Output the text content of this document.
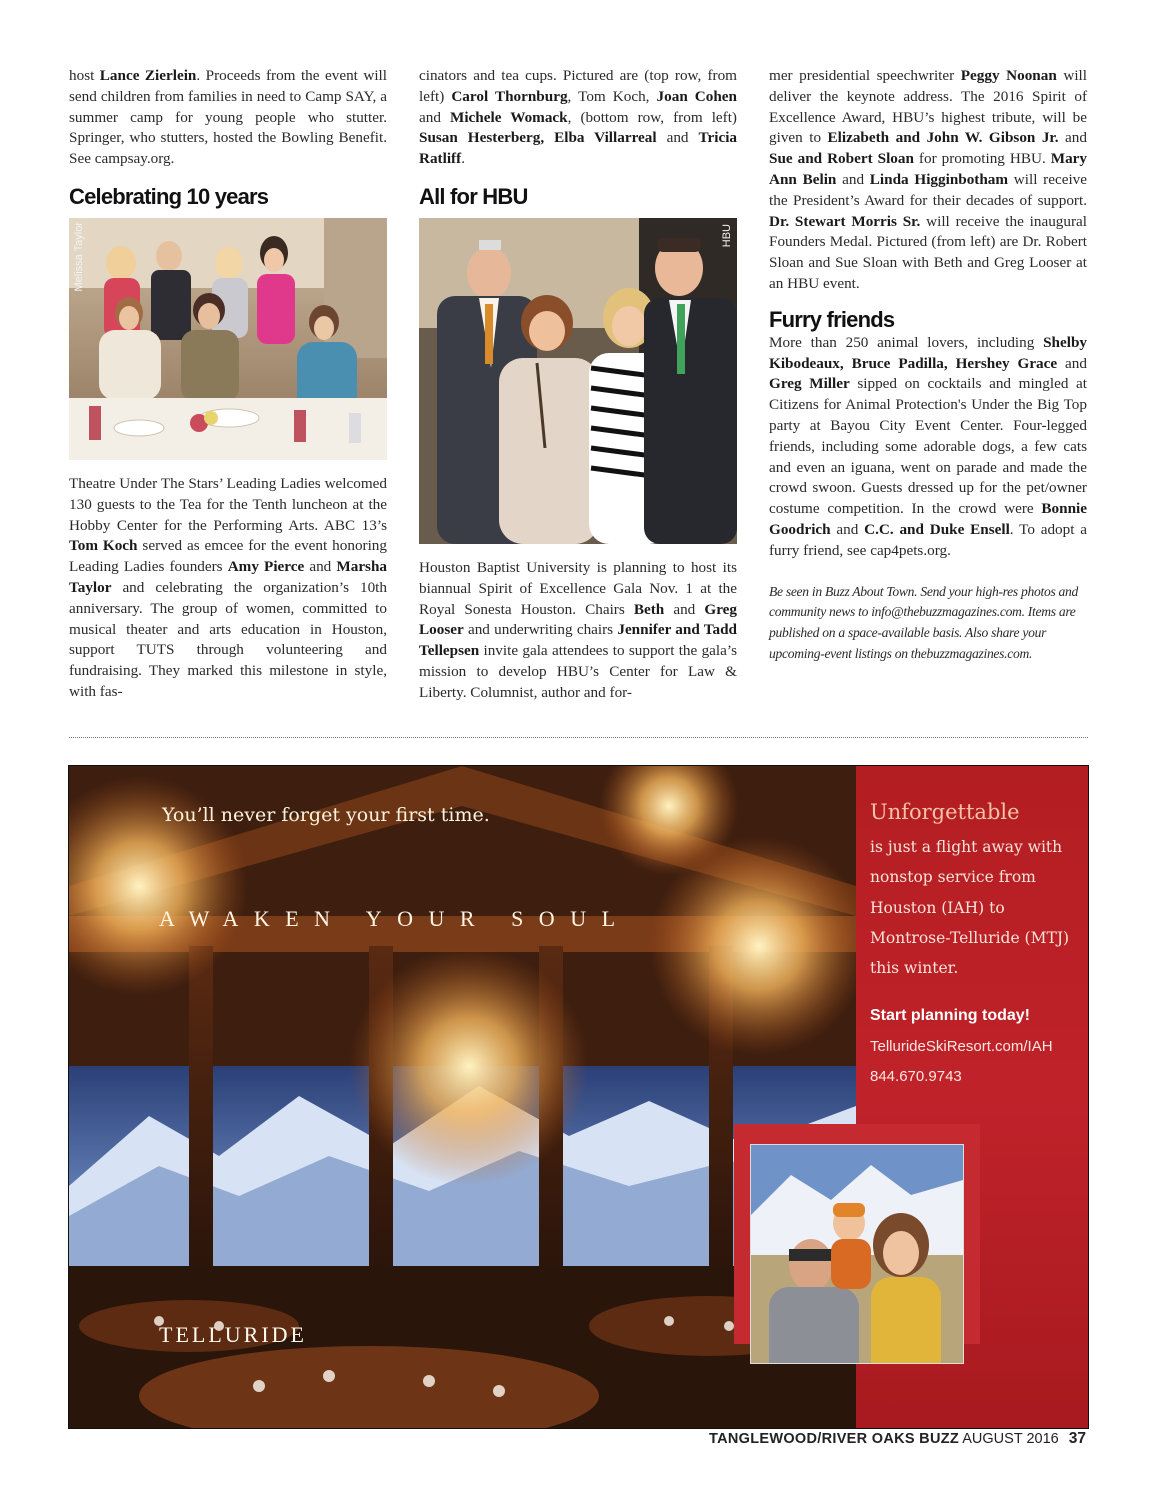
host Lance Zierlein. Proceeds from the event will send children from families in need to Camp SAY, a summer camp for young people who stutter. Springer, who stutters, hosted the Bowling Benefit. See campsay.org.

Celebrating 10 years
Melissa Taylor

Theatre Under The Stars’ Leading Ladies welcomed 130 guests to the Tea for the Tenth luncheon at the Hobby Center for the Performing Arts. ABC 13’s Tom Koch served as emcee for the event honoring Leading Ladies founders Amy Pierce and Marsha Taylor and celebrating the organization’s 10th anniversary. The group of women, committed to musical theater and arts education in Houston, support TUTS through volunteering and fundraising. They marked this milestone in style, with fas-

cinators and tea cups. Pictured are (top row, from left) Carol Thornburg, Tom Koch, Joan Cohen and Michele Womack, (bottom row, from left) Susan Hesterberg, Elba Villarreal and Tricia Ratliff.

All for HBU
HBU

Houston Baptist University is planning to host its biannual Spirit of Excellence Gala Nov. 1 at the Royal Sonesta Houston. Chairs Beth and Greg Looser and underwriting chairs Jennifer and Tadd Tellepsen invite gala attendees to support the gala’s mission to develop HBU’s Center for Law & Liberty. Columnist, author and for-

mer presidential speechwriter Peggy Noonan will deliver the keynote address. The 2016 Spirit of Excellence Award, HBU’s highest tribute, will be given to Elizabeth and John W. Gibson Jr. and Sue and Robert Sloan for promoting HBU. Mary Ann Belin and Linda Higginbotham will receive the President’s Award for their decades of support. Dr. Stewart Morris Sr. will receive the inaugural Founders Medal. Pictured (from left) are Dr. Robert Sloan and Sue Sloan with Beth and Greg Looser at an HBU event.

Furry friends

More than 250 animal lovers, including Shelby Kibodeaux, Bruce Padilla, Hershey Grace and Greg Miller sipped on cocktails and mingled at Citizens for Animal Protection's Under the Big Top party at Bayou City Event Center. Four-legged friends, including some adorable dogs, a few cats and even an iguana, went on parade and made the crowd swoon. Guests dressed up for the pet/owner costume competition. In the crowd were Bonnie Goodrich and C.C. and Duke Ensell. To adopt a furry friend, see cap4pets.org.

Be seen in Buzz About Town. Send your high-res photos and community news to info@thebuzzmagazines.com. Items are published on a space-available basis. Also share your upcoming-event listings on thebuzzmagazines.com.

You’ll never forget your first time.
AWAKEN YOUR SOUL
TELLURIDE
Unforgettable
is just a flight away with nonstop service from Houston (IAH) to Montrose-Telluride (MTJ) this winter.
Start planning today!
TellurideSkiResort.com/IAH
844.670.9743
TANGLEWOOD/RIVER OAKS BUZZ AUGUST 2016 37
